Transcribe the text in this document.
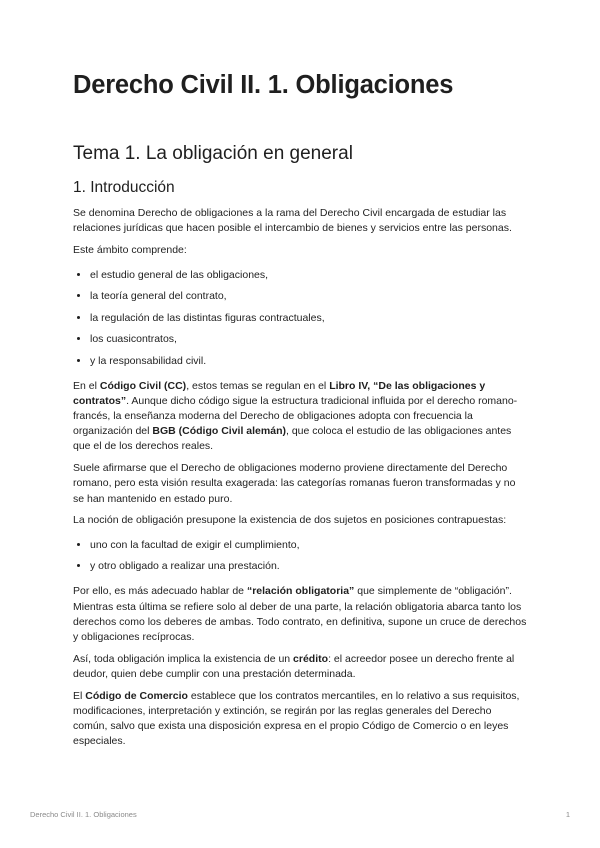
Derecho Civil II. 1. Obligaciones
Tema 1. La obligación en general
1. Introducción

Se denomina Derecho de obligaciones a la rama del Derecho Civil encargada de estudiar las relaciones jurídicas que hacen posible el intercambio de bienes y servicios entre las personas.

Este ámbito comprende:

• el estudio general de las obligaciones,
• la teoría general del contrato,
• la regulación de las distintas figuras contractuales,
• los cuasicontratos,
• y la responsabilidad civil.

En el Código Civil (CC), estos temas se regulan en el Libro IV, “De las obligaciones y contratos”. Aunque dicho código sigue la estructura tradicional influida por el derecho romano-francés, la enseñanza moderna del Derecho de obligaciones adopta con frecuencia la organización del BGB (Código Civil alemán), que coloca el estudio de las obligaciones antes que el de los derechos reales.

Suele afirmarse que el Derecho de obligaciones moderno proviene directamente del Derecho romano, pero esta visión resulta exagerada: las categorías romanas fueron transformadas y no se han mantenido en estado puro.

La noción de obligación presupone la existencia de dos sujetos en posiciones contrapuestas:

• uno con la facultad de exigir el cumplimiento,
• y otro obligado a realizar una prestación.

Por ello, es más adecuado hablar de “relación obligatoria” que simplemente de “obligación”. Mientras esta última se refiere solo al deber de una parte, la relación obligatoria abarca tanto los derechos como los deberes de ambas. Todo contrato, en definitiva, supone un cruce de derechos y obligaciones recíprocas.

Así, toda obligación implica la existencia de un crédito: el acreedor posee un derecho frente al deudor, quien debe cumplir con una prestación determinada.

El Código de Comercio establece que los contratos mercantiles, en lo relativo a sus requisitos, modificaciones, interpretación y extinción, se regirán por las reglas generales del Derecho común, salvo que exista una disposición expresa en el propio Código de Comercio o en leyes especiales.

Derecho Civil II. 1. Obligaciones	1
